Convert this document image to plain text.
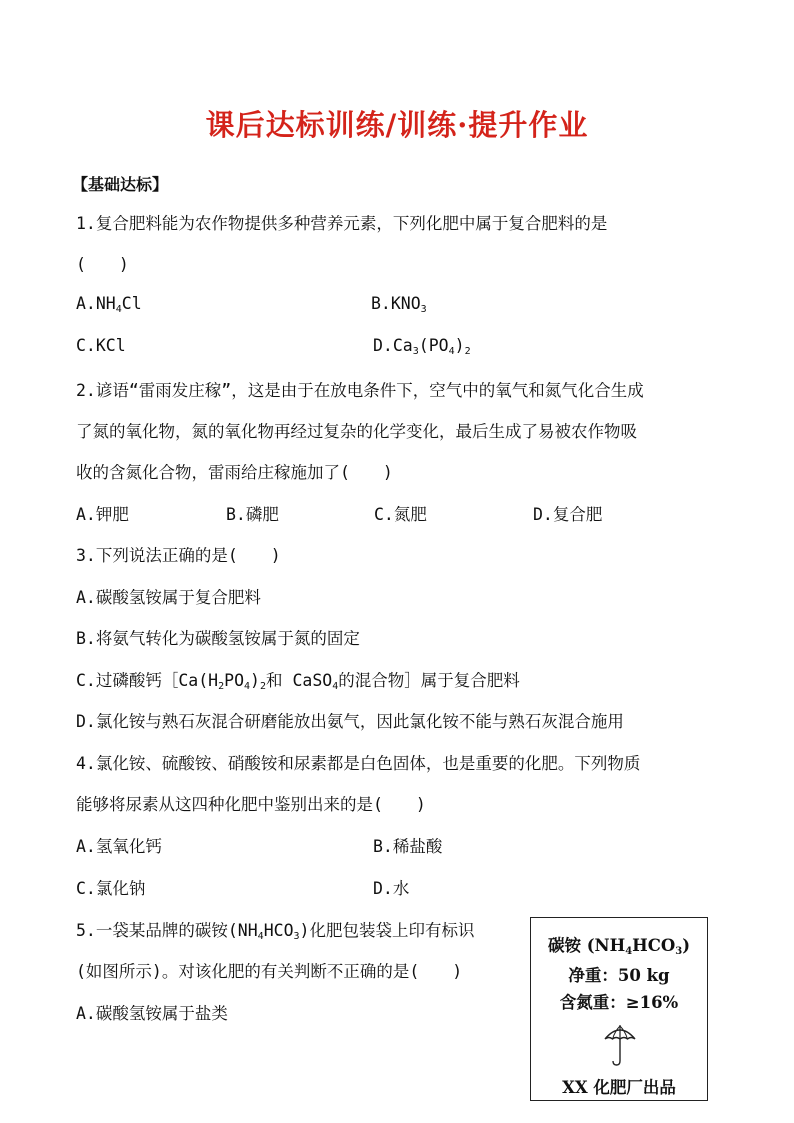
课后达标训练/训练·提升作业
【基础达标】
1.复合肥料能为农作物提供多种营养元素，下列化肥中属于复合肥料的是
(　　)
$A.NH_4Cl$	$B.KNO_3$
C.KCl	$D.Ca_3(PO_4)_2$
2.谚语“雷雨发庄稼”，这是由于在放电条件下，空气中的氧气和氮气化合生成
了氮的氧化物，氮的氧化物再经过复杂的化学变化，最后生成了易被农作物吸
收的含氮化合物，雷雨给庄稼施加了(　　)
A.钾肥	B.磷肥	C.氮肥	D.复合肥
3.下列说法正确的是(　　)
A.碳酸氢铵属于复合肥料
B.将氨气转化为碳酸氢铵属于氮的固定
C.过磷酸钙$[Ca(H_2PO_4)_2$和 CaSO$_4$的混合物］属于复合肥料
D.氯化铵与熟石灰混合研磨能放出氨气，因此氯化铵不能与熟石灰混合施用
4.氯化铵、硫酸铵、硝酸铵和尿素都是白色固体，也是重要的化肥。下列物质
能够将尿素从这四种化肥中鉴别出来的是(　　)
A.氢氧化钙	B.稀盐酸
C.氯化钠	D.水
5.一袋某品牌的碳铵$(NH_4HCO_3)$化肥包装袋上印有标识
(如图所示)。对该化肥的有关判断不正确的是(　　)
A.碳酸氢铵属于盐类
碳铵 $(NH_4HCO_3)$
净重：50 kg
含氮重：≥16%
XX 化肥厂出品
